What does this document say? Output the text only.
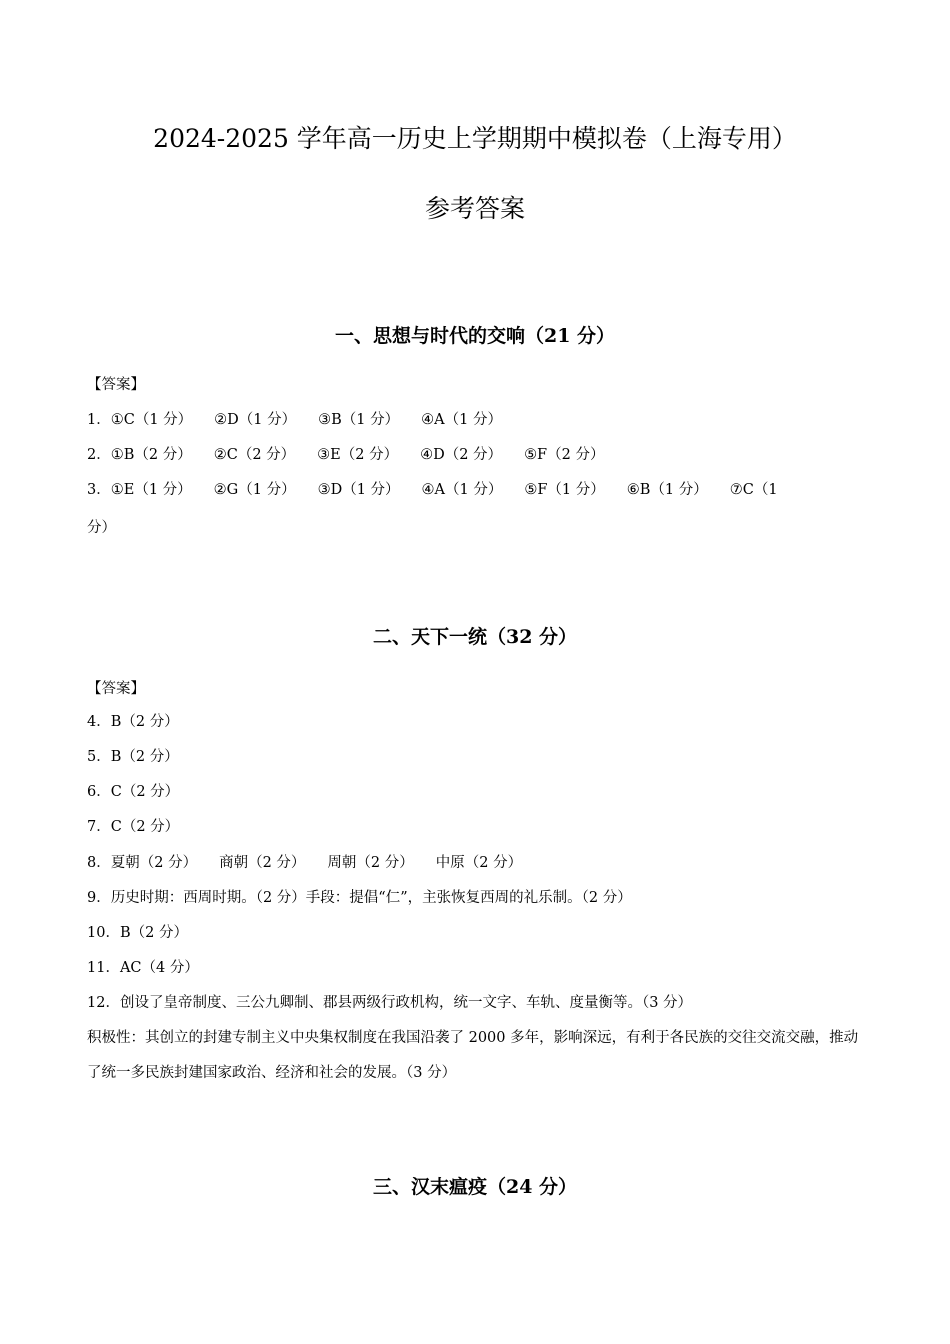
2024-2025 学年高一历史上学期期中模拟卷（上海专用）
参考答案
一、思想与时代的交响（21 分）
【答案】
1．①C（1 分） ②D（1 分） ③B（1 分） ④A（1 分）
2．①B（2 分） ②C（2 分） ③E（2 分） ④D（2 分） ⑤F（2 分）
3．①E（1 分） ②G（1 分） ③D（1 分） ④A（1 分） ⑤F（1 分） ⑥B（1 分） ⑦C（1
分）
二、天下一统（32 分）
【答案】
4．B（2 分）
5．B（2 分）
6．C（2 分）
7．C（2 分）
8．夏朝（2 分） 商朝（2 分） 周朝（2 分） 中原（2 分）
9．历史时期：西周时期。（2 分）手段：提倡“仁”，主张恢复西周的礼乐制。（2 分）
10．B（2 分）
11．AC（4 分）
12．创设了皇帝制度、三公九卿制、郡县两级行政机构，统一文字、车轨、度量衡等。（3 分）
积极性：其创立的封建专制主义中央集权制度在我国沿袭了 2000 多年，影响深远，有利于各民族的交往交流交融，推动了统一多民族封建国家政治、经济和社会的发展。（3 分）
三、汉末瘟疫（24 分）
